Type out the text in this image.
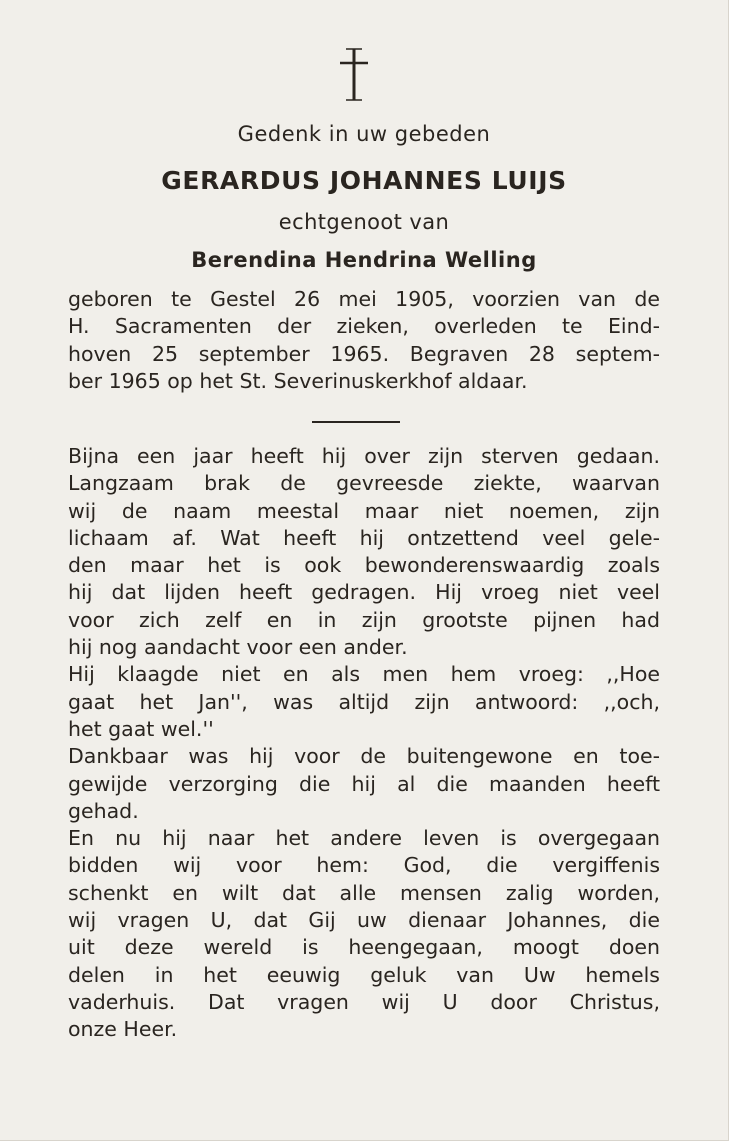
Gedenk in uw gebeden
GERARDUS JOHANNES LUIJS
echtgenoot van
Berendina Hendrina Welling

geboren te Gestel 26 mei 1905, voorzien van de

H. Sacramenten der zieken, overleden te Eind-

hoven 25 september 1965. Begraven 28 septem-

ber 1965 op het St. Severinuskerkhof aldaar.

Bijna een jaar heeft hij over zijn sterven gedaan.

Langzaam brak de gevreesde ziekte, waarvan

wij de naam meestal maar niet noemen, zijn

lichaam af. Wat heeft hij ontzettend veel gele-

den maar het is ook bewonderenswaardig zoals

hij dat lijden heeft gedragen. Hij vroeg niet veel

voor zich zelf en in zijn grootste pijnen had

hij nog aandacht voor een ander.

Hij klaagde niet en als men hem vroeg: ,,Hoe

gaat het Jan'', was altijd zijn antwoord: ,,och,

het gaat wel.''

Dankbaar was hij voor de buitengewone en toe-

gewijde verzorging die hij al die maanden heeft

gehad.

En nu hij naar het andere leven is overgegaan

bidden wij voor hem: God, die vergiffenis

schenkt en wilt dat alle mensen zalig worden,

wij vragen U, dat Gij uw dienaar Johannes, die

uit deze wereld is heengegaan, moogt doen

delen in het eeuwig geluk van Uw hemels

vaderhuis. Dat vragen wij U door Christus,

onze Heer.
